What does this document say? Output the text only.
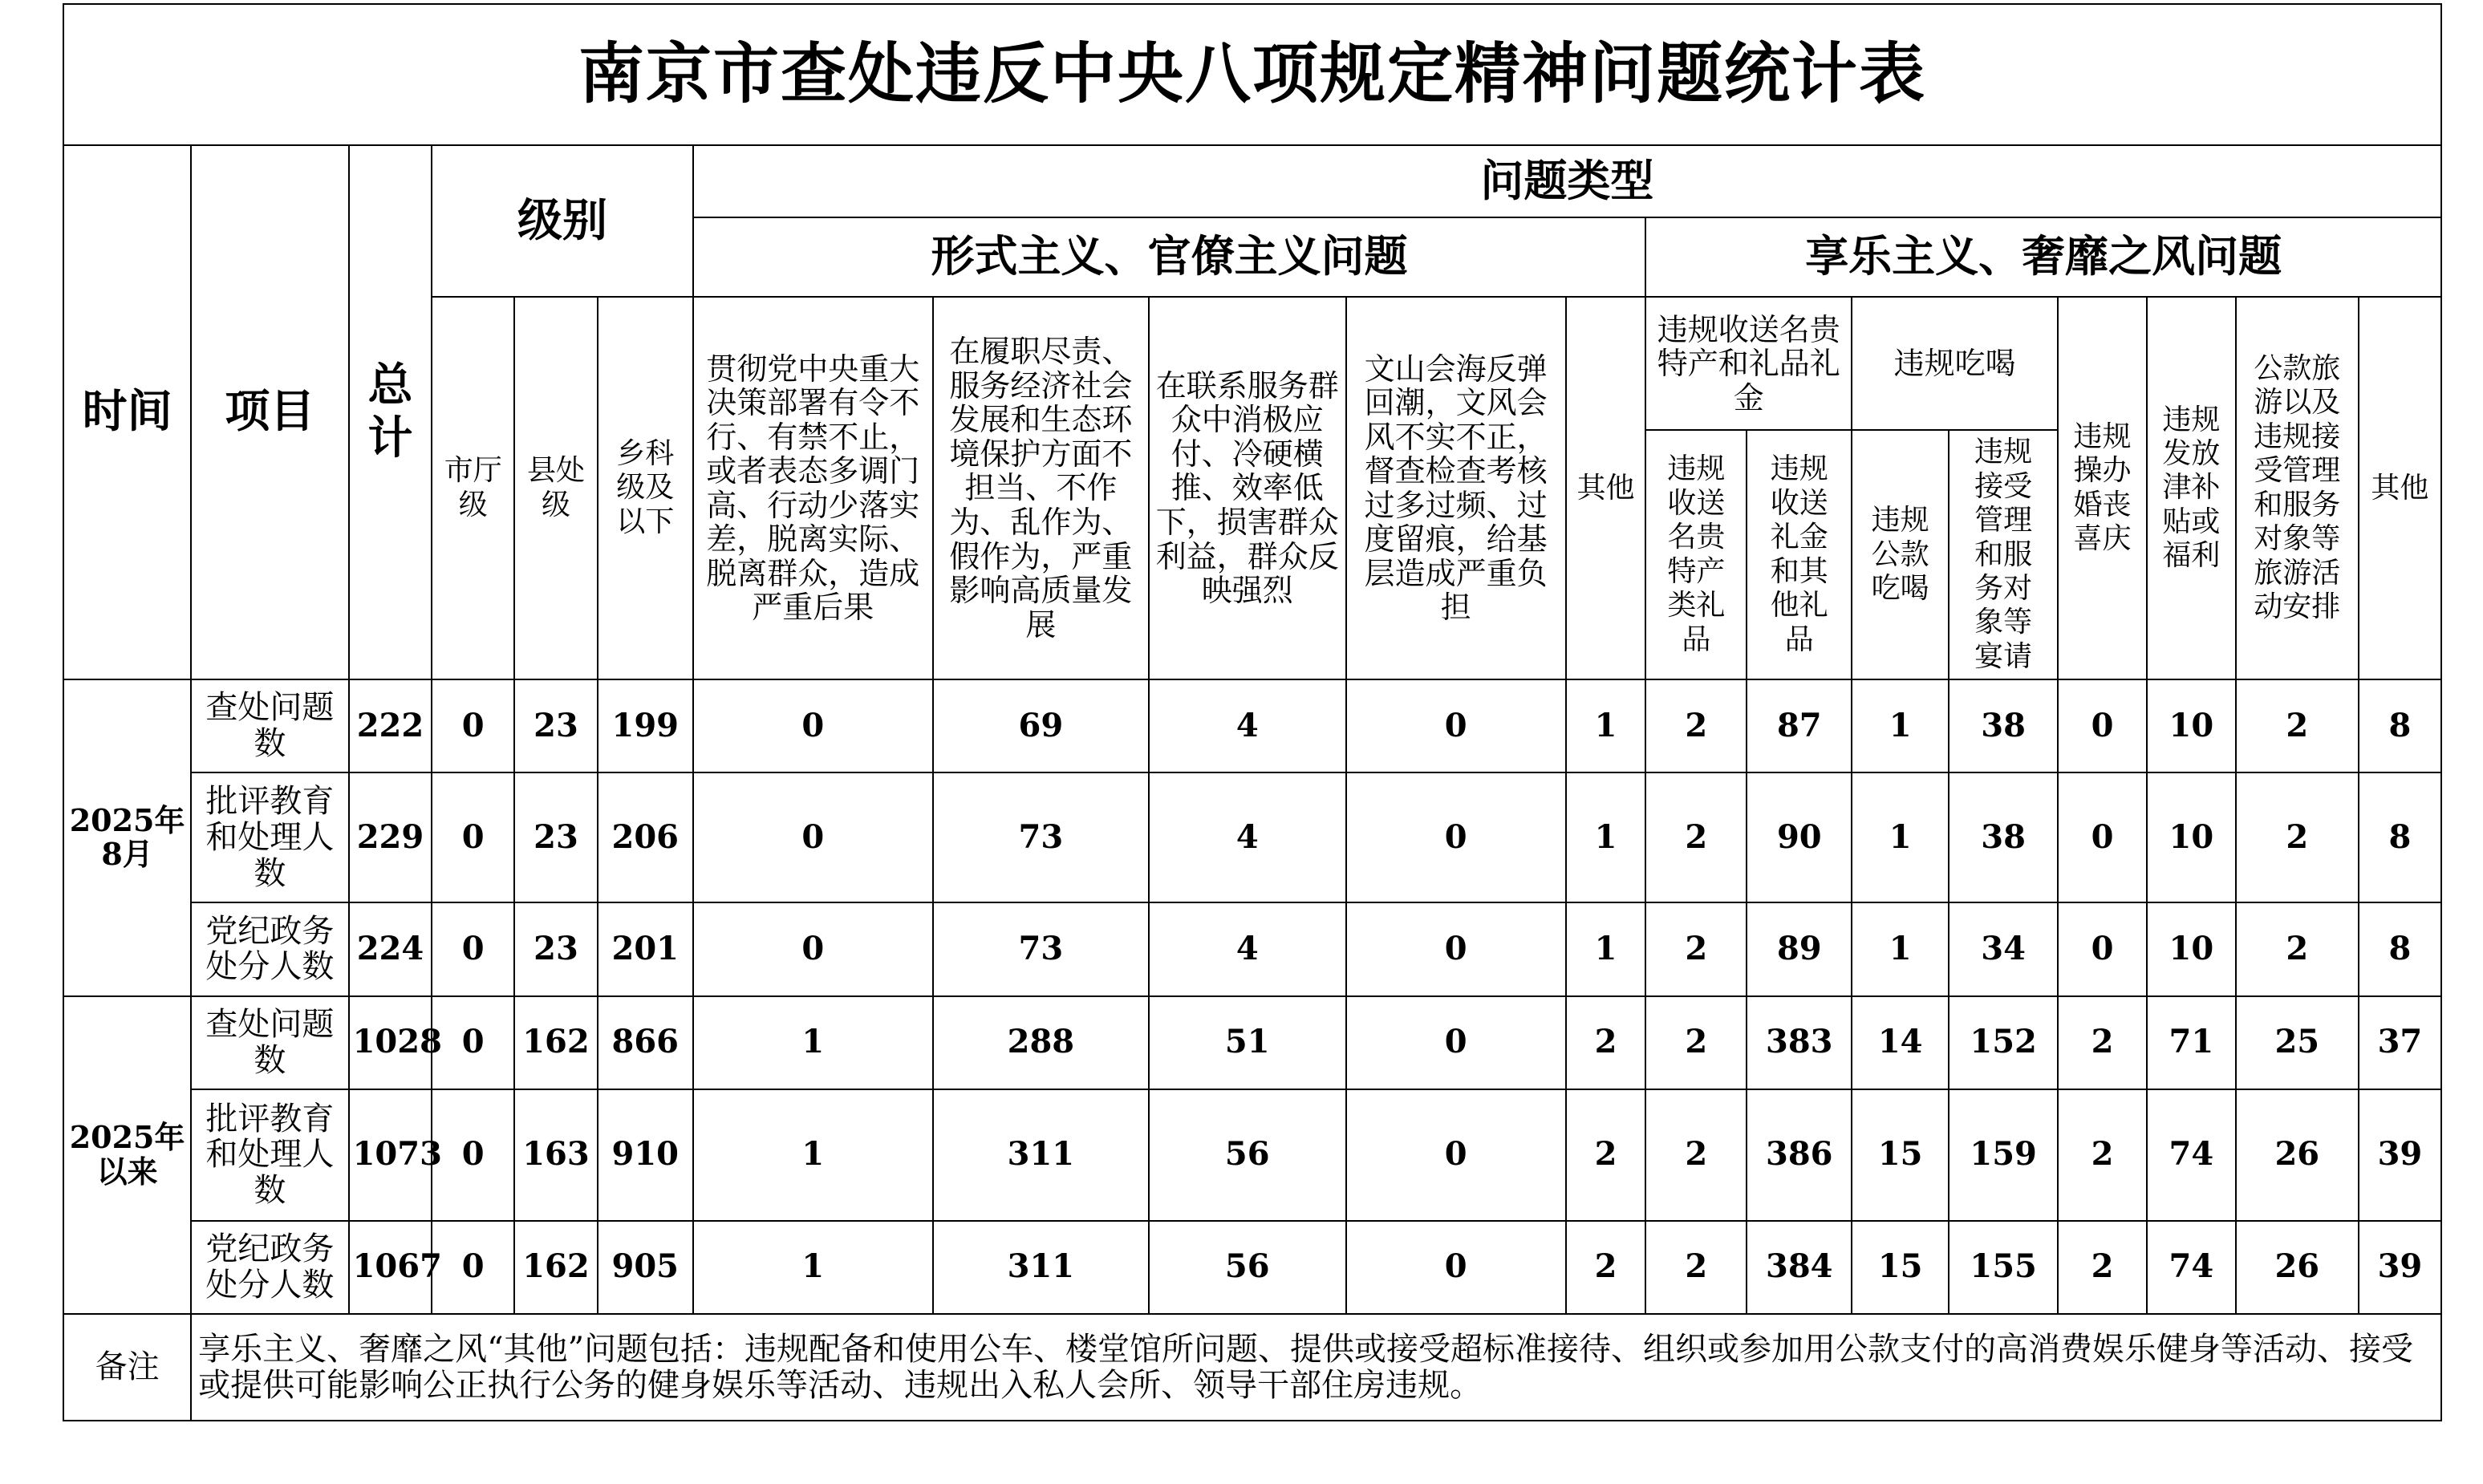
南京市查处违反中央八项规定精神问题统计表																		
时间	项目	总计	级别			问题类型												
						形式主义、官僚主义问题					享乐主义、奢靡之风问题							
			市厅级	县处级	乡科级及以下	贯彻党中央重大决策部署有令不行、有禁不止，或者表态多调门高、行动少落实差，脱离实际、脱离群众，造成严重后果	在履职尽责、服务经济社会发展和生态环境保护方面不担当、不作为、乱作为、假作为，严重影响高质量发展	在联系服务群众中消极应付、冷硬横推、效率低下，损害群众利益，群众反映强烈	文山会海反弹回潮，文风会风不实不正，督查检查考核过多过频、过度留痕，给基层造成严重负担	其他	违规收送名贵特产和礼品礼金		违规吃喝		违规操办婚丧喜庆	违规发放津补贴或福利	公款旅游以及违规接受管理和服务对象等旅游活动安排	其他
											违规收送名贵特产类礼品	违规收送礼金和其他礼品	违规公款吃喝	违规接受管理和服务对象等宴请				

2025年8月	查处问题数	222	0	23	199	0	69	4	0	1	2	87	1	38	0	10	2	8
	批评教育和处理人数	229	0	23	206	0	73	4	0	1	2	90	1	38	0	10	2	8
	党纪政务处分人数	224	0	23	201	0	73	4	0	1	2	89	1	34	0	10	2	8
2025年以来	查处问题数	1028	0	162	866	1	288	51	0	2	2	383	14	152	2	71	25	37
	批评教育和处理人数	1073	0	163	910	1	311	56	0	2	2	386	15	159	2	74	26	39
	党纪政务处分人数	1067	0	162	905	1	311	56	0	2	2	384	15	155	2	74	26	39
备注	享乐主义、奢靡之风“其他”问题包括：违规配备和使用公车、楼堂馆所问题、提供或接受超标准接待、组织或参加用公款支付的高消费娱乐健身等活动、接受或提供可能影响公正执行公务的健身娱乐等活动、违规出入私人会所、领导干部住房违规。																	
